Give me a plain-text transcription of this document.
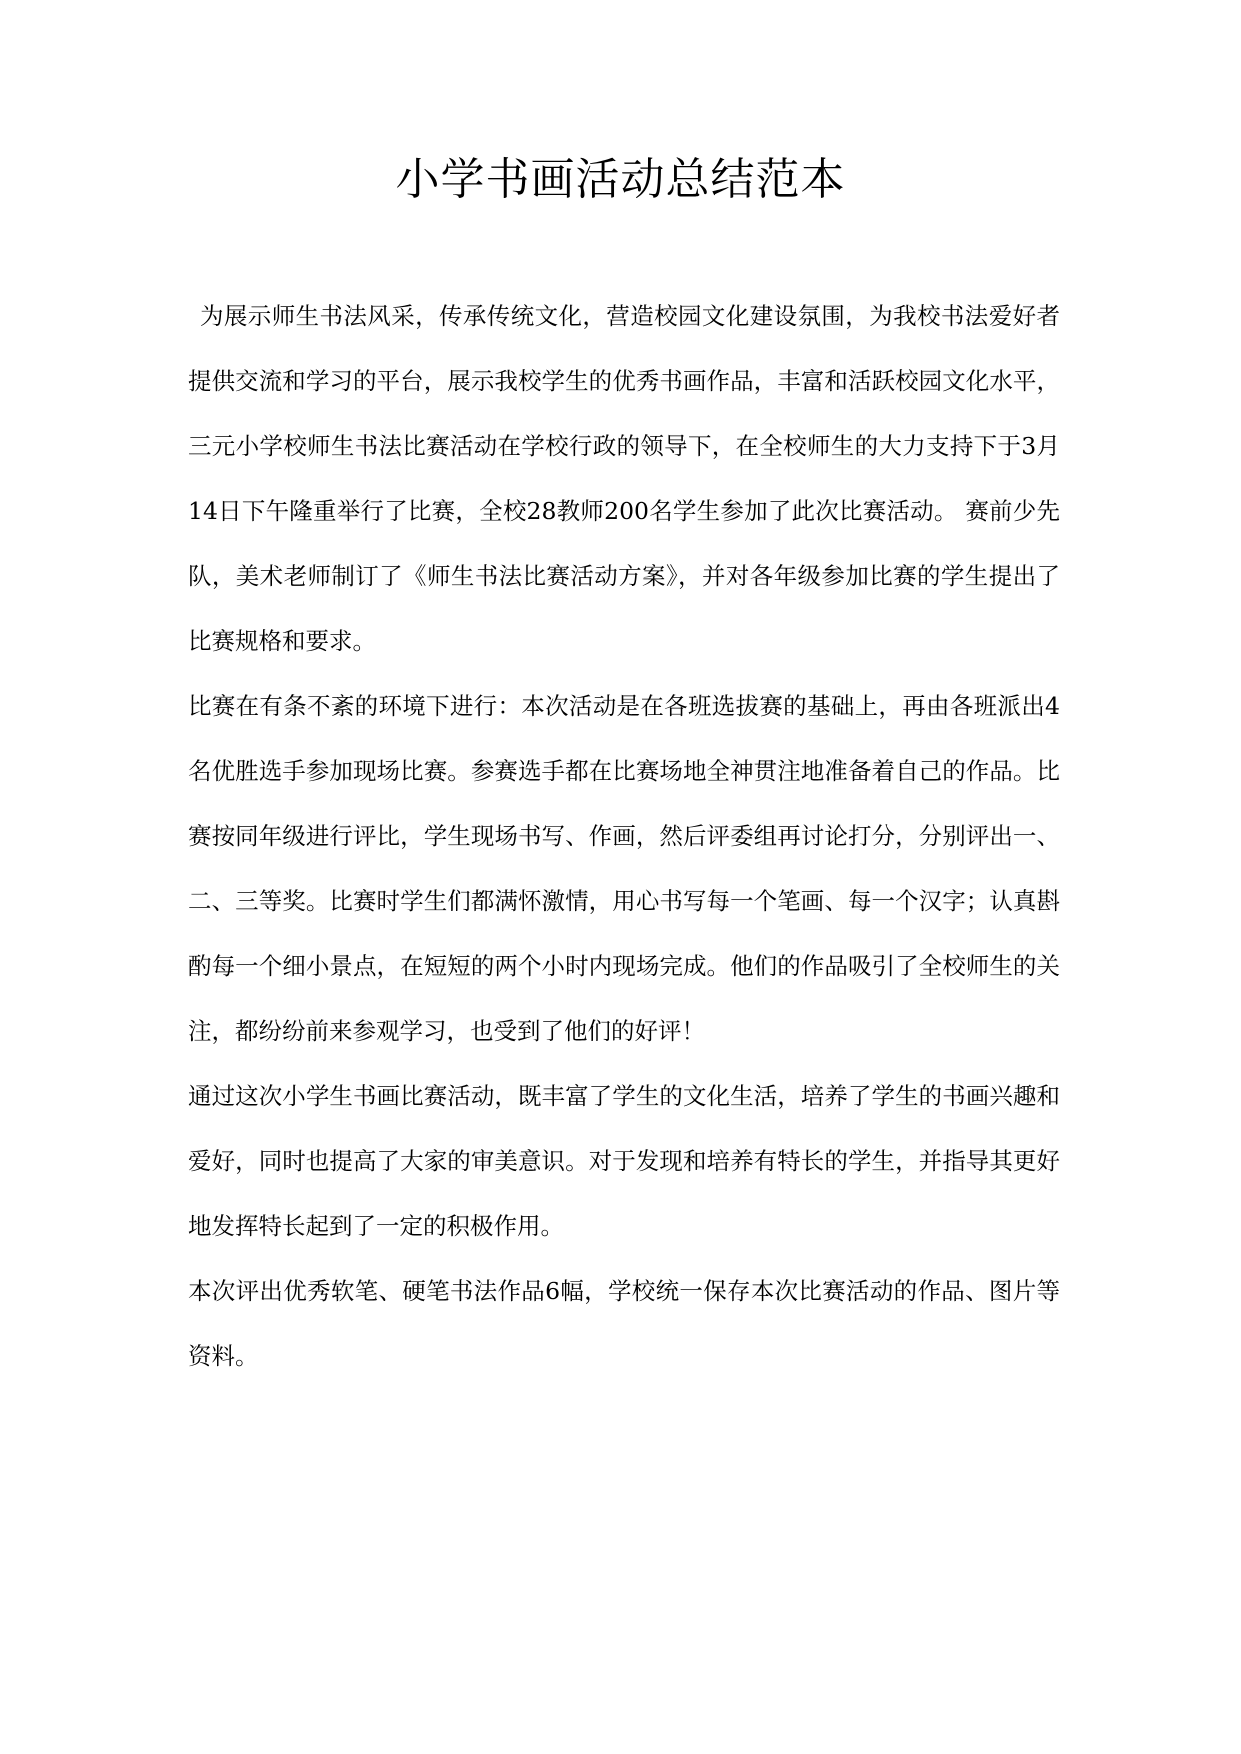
小学书画活动总结范本

为展示师生书法风采，传承传统文化，营造校园文化建设氛围，为我校书法爱好者提供交流和学习的平台，展示我校学生的优秀书画作品，丰富和活跃校园文化水平，三元小学校师生书法比赛活动在学校行政的领导下，在全校师生的大力支持下于3月14日下午隆重举行了比赛，全校28教师200名学生参加了此次比赛活动。 赛前少先队，美术老师制订了《师生书法比赛活动方案》，并对各年级参加比赛的学生提出了比赛规格和要求。

比赛在有条不紊的环境下进行：本次活动是在各班选拔赛的基础上，再由各班派出4名优胜选手参加现场比赛。参赛选手都在比赛场地全神贯注地准备着自己的作品。比赛按同年级进行评比，学生现场书写、作画，然后评委组再讨论打分，分别评出一、二、三等奖。比赛时学生们都满怀激情，用心书写每一个笔画、每一个汉字；认真斟酌每一个细小景点，在短短的两个小时内现场完成。他们的作品吸引了全校师生的关注，都纷纷前来参观学习，也受到了他们的好评！

通过这次小学生书画比赛活动，既丰富了学生的文化生活，培养了学生的书画兴趣和爱好，同时也提高了大家的审美意识。对于发现和培养有特长的学生，并指导其更好地发挥特长起到了一定的积极作用。

本次评出优秀软笔、硬笔书法作品6幅，学校统一保存本次比赛活动的作品、图片等资料。
